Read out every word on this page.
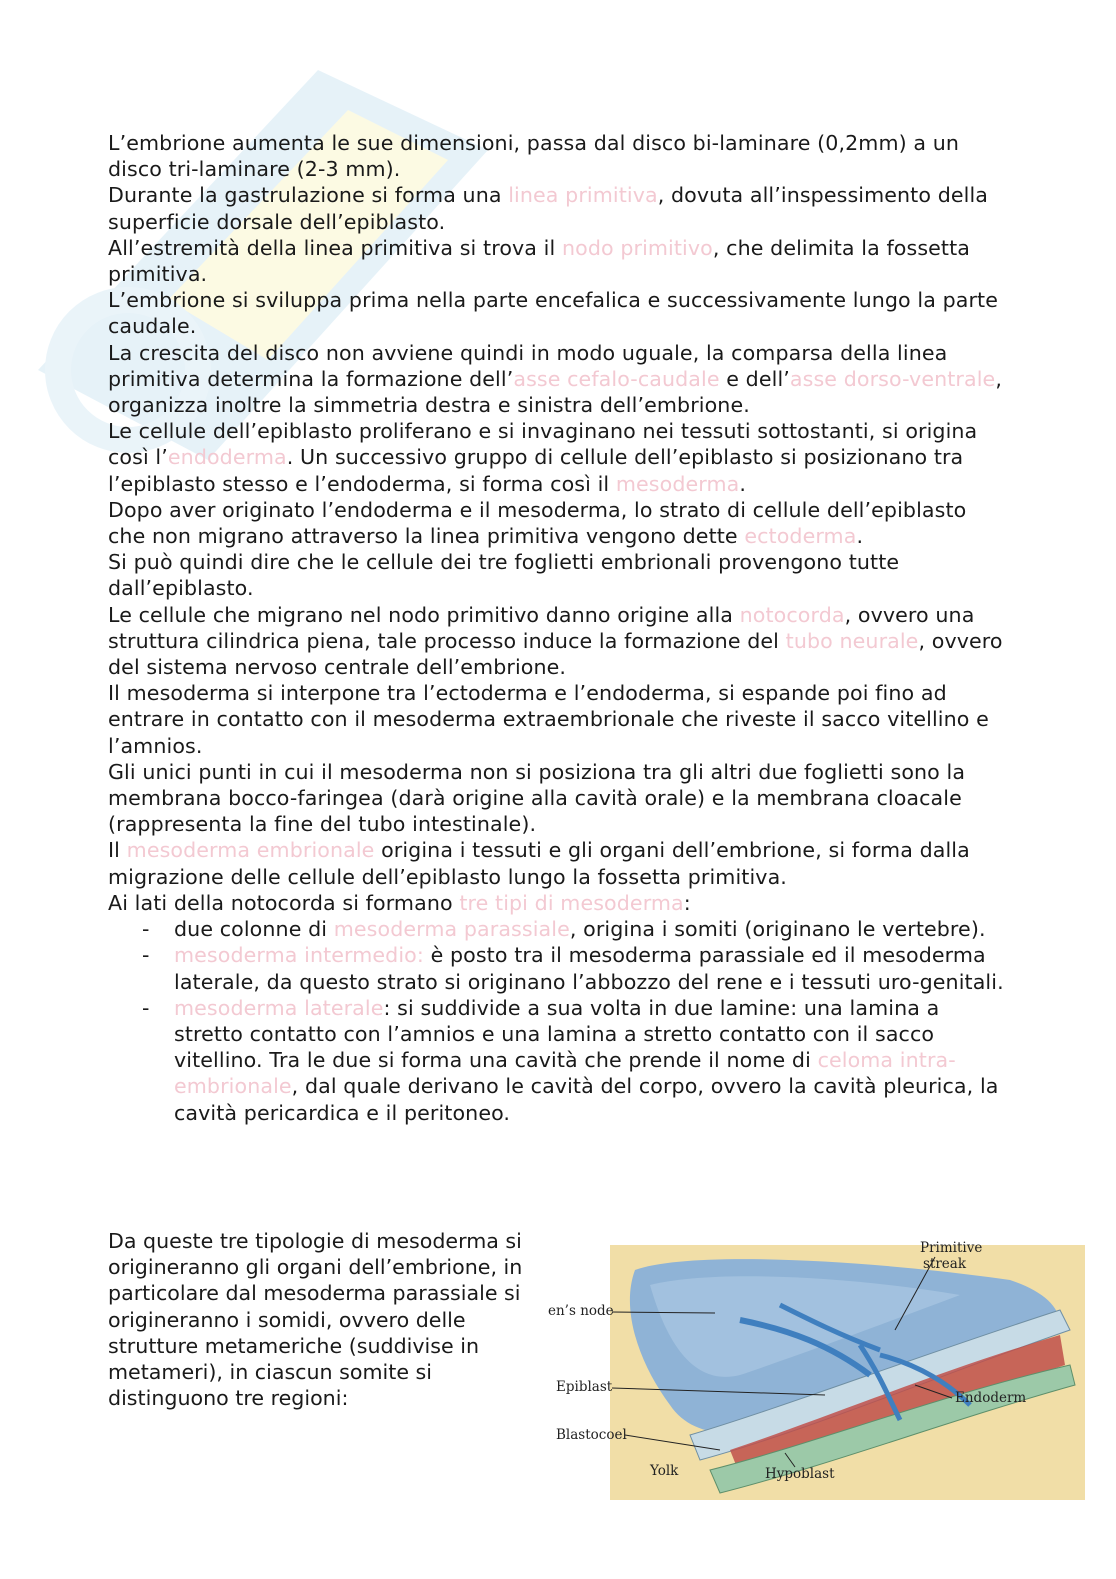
L’embrione aumenta le sue dimensioni, passa dal disco bi-laminare (0,2mm) a un disco tri-laminare (2-3 mm).

Durante la gastrulazione si forma una linea primitiva, dovuta all’inspessimento della superficie dorsale dell’epiblasto.

All’estremità della linea primitiva si trova il nodo primitivo, che delimita la fossetta primitiva.

L’embrione si sviluppa prima nella parte encefalica e successivamente lungo la parte caudale.

La crescita del disco non avviene quindi in modo uguale, la comparsa della linea primitiva determina la formazione dell’asse cefalo-caudale e dell’asse dorso-ventrale, organizza inoltre la simmetria destra e sinistra dell’embrione.

Le cellule dell’epiblasto proliferano e si invaginano nei tessuti sottostanti, si origina così l’endoderma. Un successivo gruppo di cellule dell’epiblasto si posizionano tra l’epiblasto stesso e l’endoderma, si forma così il mesoderma.

Dopo aver originato l’endoderma e il mesoderma, lo strato di cellule dell’epiblasto che non migrano attraverso la linea primitiva vengono dette ectoderma.

Si può quindi dire che le cellule dei tre foglietti embrionali provengono tutte dall’epiblasto.

Le cellule che migrano nel nodo primitivo danno origine alla notocorda, ovvero una struttura cilindrica piena, tale processo induce la formazione del tubo neurale, ovvero del sistema nervoso centrale dell’embrione.

Il mesoderma si interpone tra l’ectoderma e l’endoderma, si espande poi fino ad entrare in contatto con il mesoderma extraembrionale che riveste il sacco vitellino e l’amnios.

Gli unici punti in cui il mesoderma non si posiziona tra gli altri due foglietti sono la membrana bocco-faringea (darà origine alla cavità orale) e la membrana cloacale (rappresenta la fine del tubo intestinale).

Il mesoderma embrionale origina i tessuti e gli organi dell’embrione, si forma dalla migrazione delle cellule dell’epiblasto lungo la fossetta primitiva.

Ai lati della notocorda si formano tre tipi di mesoderma:

- due colonne di mesoderma parassiale, origina i somiti (originano le vertebre).
- mesoderma intermedio: è posto tra il mesoderma parassiale ed il mesoderma laterale, da questo strato si originano l’abbozzo del rene e i tessuti uro-genitali.
- mesoderma laterale: si suddivide a sua volta in due lamine: una lamina a stretto contatto con l’amnios e una lamina a stretto contatto con il sacco vitellino. Tra le due si forma una cavità che prende il nome di celoma intra-embrionale, dal quale derivano le cavità del corpo, ovvero la cavità pleurica, la cavità pericardica e il peritoneo.

Da queste tre tipologie di mesoderma si origineranno gli organi dell’embrione, in particolare dal mesoderma parassiale si origineranno i somidi, ovvero delle strutture metameriche (suddivise in metameri), in ciascun somite si distinguono tre regioni:

Primitive
streak
en’s node
Epiblast
Endoderm
Blastocoel
Yolk	Hypoblast
